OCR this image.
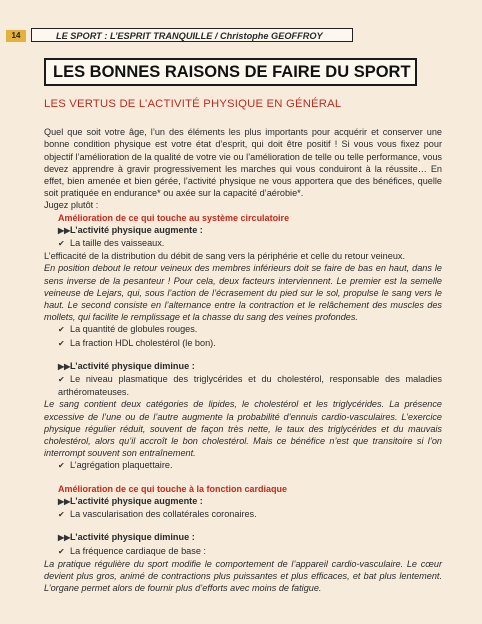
14	LE SPORT : L’ESPRIT TRANQUILLE / Christophe GEOFFROY
LES BONNES RAISONS DE FAIRE DU SPORT
LES VERTUS DE L’ACTIVITÉ PHYSIQUE EN GÉNÉRAL

Quel que soit votre âge, l’un des éléments les plus importants pour acquérir et conserver une bonne condition physique est votre état d’esprit, qui doit être positif ! Si vous vous fixez pour objectif l’amélioration de la qualité de votre vie ou l’amélioration de telle ou telle performance, vous devez apprendre à gravir progressivement les marches qui vous conduiront à la réussite… En effet, bien amenée et bien gérée, l’activité physique ne vous apportera que des bénéfices, quelle soit pratiquée en endurance* ou axée sur la capacité d’aérobie*.

Jugez plutôt :

Amélioration de ce qui touche au système circulatoire

▶▶L’activité physique augmente :

✔ La taille des vaisseaux.

L’efficacité de la distribution du débit de sang vers la périphérie et celle du retour veineux.

En position debout le retour veineux des membres inférieurs doit se faire de bas en haut, dans le sens inverse de la pesanteur ! Pour cela, deux facteurs interviennent. Le premier est la semelle veineuse de Lejars, qui, sous l’action de l’écrasement du pied sur le sol, propulse le sang vers le haut. Le second consiste en l’alternance entre la contraction et le relâchement des muscles des mollets, qui facilite le remplissage et la chasse du sang des veines profondes.

✔ La quantité de globules rouges.

✔ La fraction HDL cholestérol (le bon).

▶▶L’activité physique diminue :

✔ Le niveau plasmatique des triglycérides et du cholestérol, responsable des maladies arthéromateuses.

Le sang contient deux catégories de lipides, le cholestérol et les triglycérides. La présence excessive de l’une ou de l’autre augmente la probabilité d’ennuis cardio-vasculaires. L’exercice physique régulier réduit, souvent de façon très nette, le taux des triglycérides et du mauvais cholestérol, alors qu’il accroît le bon cholestérol. Mais ce bénéfice n’est que transitoire si l’on interrompt souvent son entraînement.

✔ L’agrégation plaquettaire.

Amélioration de ce qui touche à la fonction cardiaque

▶▶L’activité physique augmente :

✔ La vascularisation des collatérales coronaires.

▶▶L’activité physique diminue :

✔ La fréquence cardiaque de base :

La pratique régulière du sport modifie le comportement de l’appareil cardio-vasculaire. Le cœur devient plus gros, animé de contractions plus puissantes et plus efficaces, et bat plus lentement. L’organe permet alors de fournir plus d’efforts avec moins de fatigue.
